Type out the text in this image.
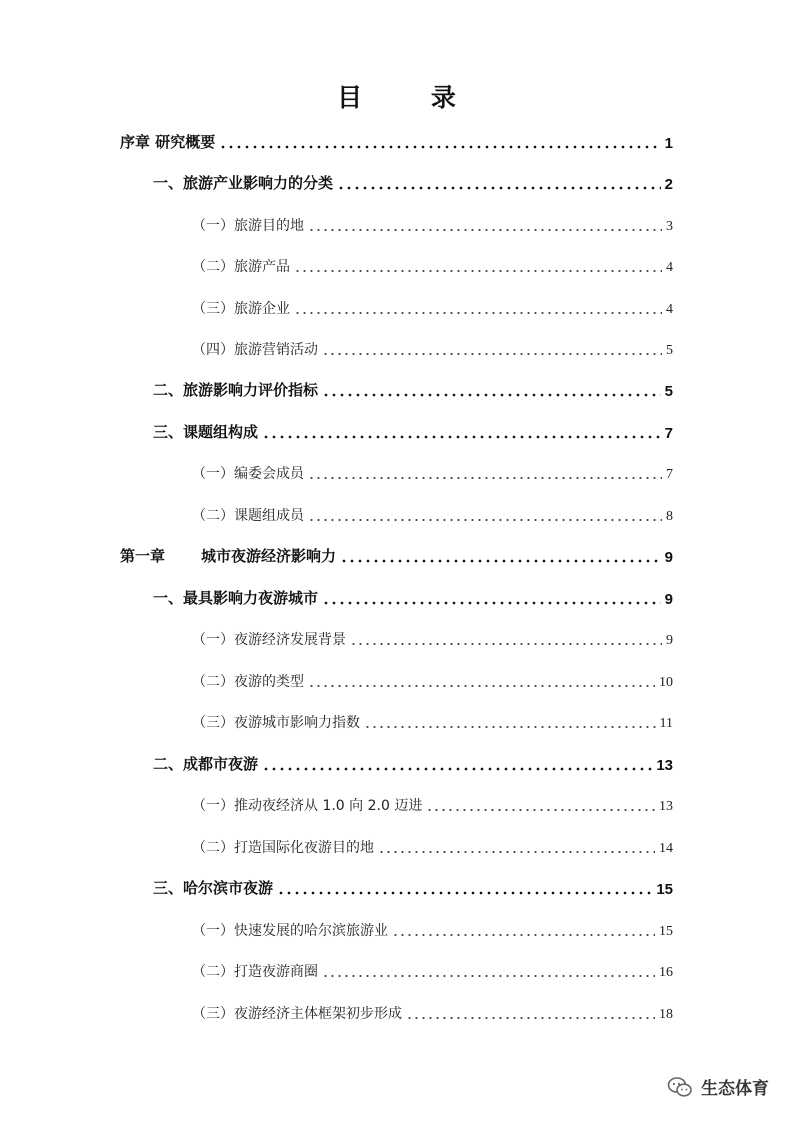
目 录
序章 研究概要	1
一、旅游产业影响力的分类	2
（一）旅游目的地	3
（二）旅游产品	4
（三）旅游企业	4
（四）旅游营销活动	5
二、旅游影响力评价指标	5
三、课题组构成	7
（一）编委会成员	7
（二）课题组成员	8
第一章 城市夜游经济影响力	9
一、最具影响力夜游城市	9
（一）夜游经济发展背景	9
（二）夜游的类型	10
（三）夜游城市影响力指数	11
二、成都市夜游	13
（一）推动夜经济从 1.0 向 2.0 迈进	13
（二）打造国际化夜游目的地	14
三、哈尔滨市夜游	15
（一）快速发展的哈尔滨旅游业	15
（二）打造夜游商圈	16
（三）夜游经济主体框架初步形成	18
生态体育
